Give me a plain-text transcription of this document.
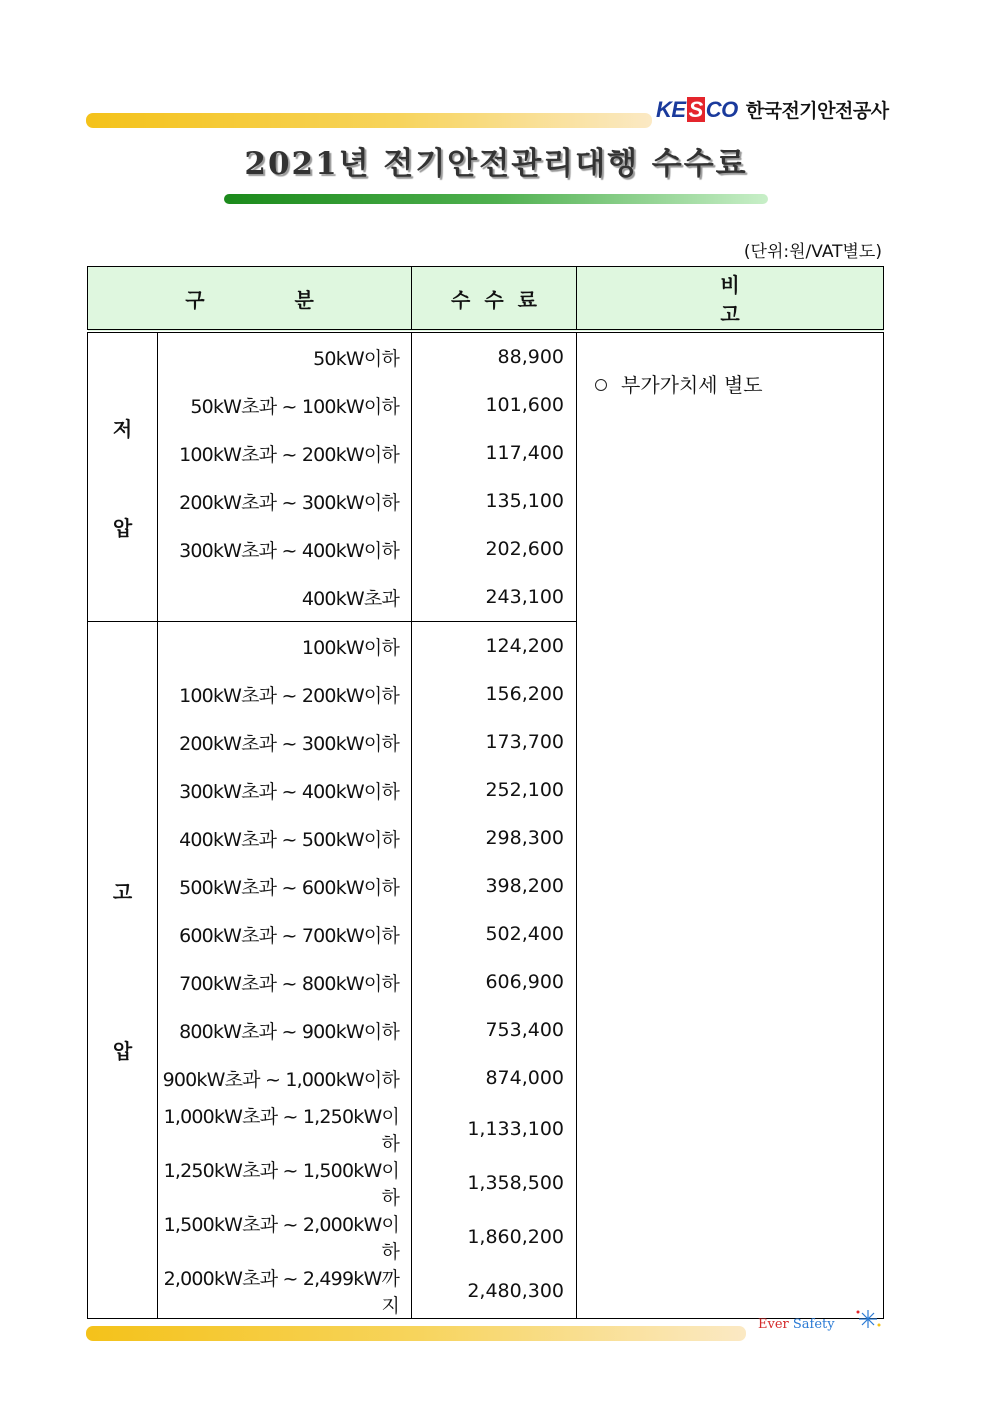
KE S CO 한국전기안전공사
2021년 전기안전관리대행 수수료
(단위:원/VAT별도)
구분		수수료	비고

저
압	50kW이하	88,900	부가가치세 별도
	50kW초과 ~ 100kW이하	101,600	
	100kW초과 ~ 200kW이하	117,400	
	200kW초과 ~ 300kW이하	135,100	
	300kW초과 ~ 400kW이하	202,600	
	400kW초과	243,100	

고
압	100kW이하	124,200	
	100kW초과 ~ 200kW이하	156,200	
	200kW초과 ~ 300kW이하	173,700	
	300kW초과 ~ 400kW이하	252,100	
	400kW초과 ~ 500kW이하	298,300	
	500kW초과 ~ 600kW이하	398,200	
	600kW초과 ~ 700kW이하	502,400	
	700kW초과 ~ 800kW이하	606,900	
	800kW초과 ~ 900kW이하	753,400	
	900kW초과 ~ 1,000kW이하	874,000	
	1,000kW초과 ~ 1,250kW이하	1,133,100	
	1,250kW초과 ~ 1,500kW이하	1,358,500	
	1,500kW초과 ~ 2,000kW이하	1,860,200	
	2,000kW초과 ~ 2,499kW까지	2,480,300	
Ever Safety
